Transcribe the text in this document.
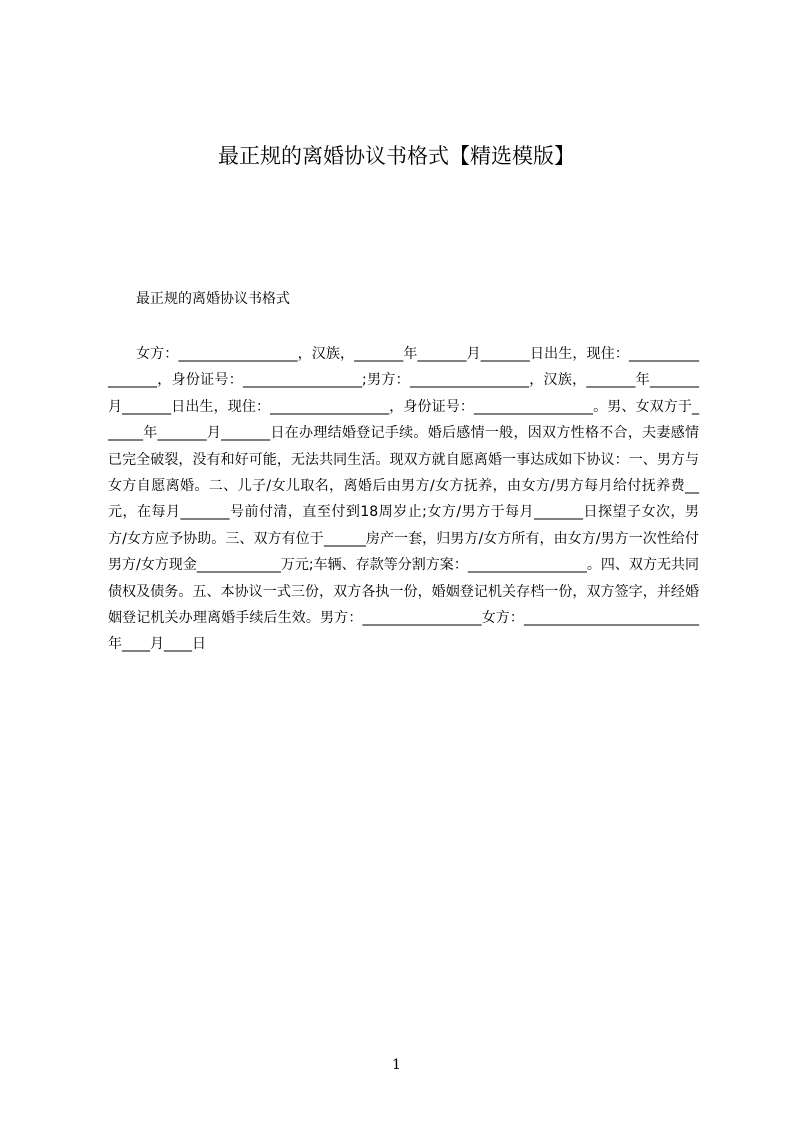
最正规的离婚协议书格式【精选模版】
最正规的离婚协议书格式

女方：_________________，汉族，_______年_______月_______日出生，现住：_________________，身份证号：_________________;男方：_________________，汉族，_______年_______月_______日出生，现住：_________________，身份证号：_________________。男、女双方于______年_______月_______日在办理结婚登记手续。婚后感情一般，因双方性格不合，夫妻感情已完全破裂，没有和好可能，无法共同生活。现双方就自愿离婚一事达成如下协议：一、男方与女方自愿离婚。二、儿子/女儿取名，离婚后由男方/女方抚养，由女方/男方每月给付抚养费__元，在每月_______号前付清，直至付到18周岁止;女方/男方于每月_______日探望子女次，男方/女方应予协助。三、双方有位于______房产一套，归男方/女方所有，由女方/男方一次性给付男方/女方现金____________万元;车辆、存款等分割方案：_________________。四、双方无共同债权及债务。五、本协议一式三份，双方各执一份，婚姻登记机关存档一份，双方签字，并经婚姻登记机关办理离婚手续后生效。男方：_________________女方：_________________________年____月____日

1
